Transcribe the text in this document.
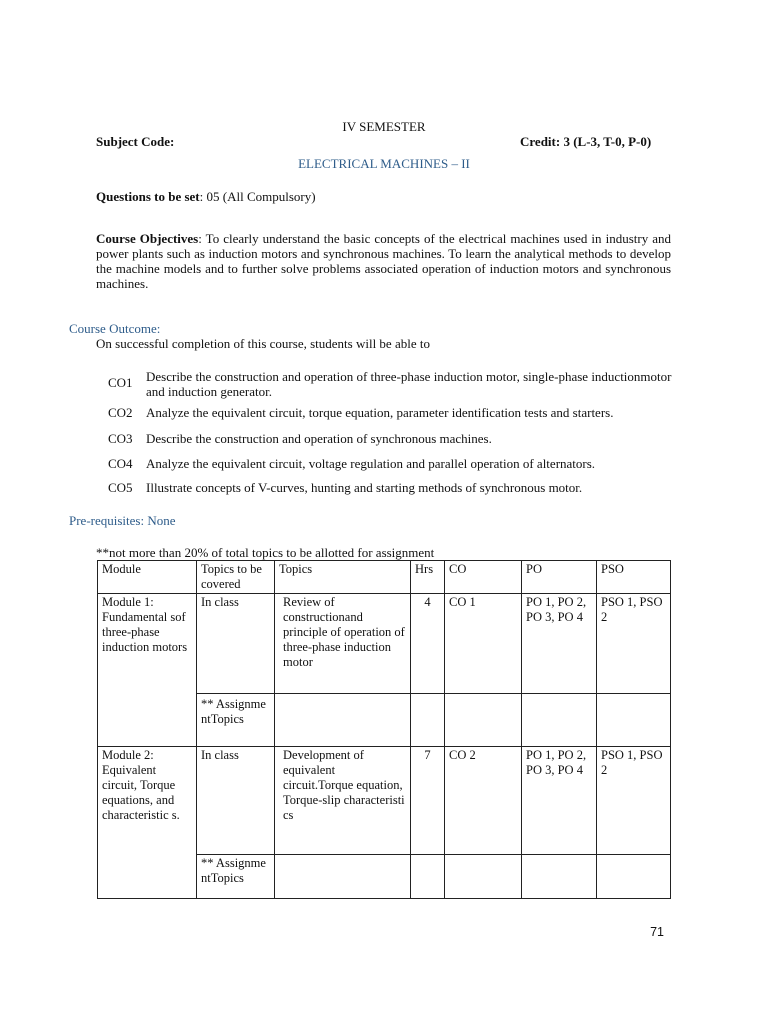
IV SEMESTER
Subject Code:	Credit: 3 (L-3, T-0, P-0)
ELECTRICAL MACHINES – II
Questions to be set: 05 (All Compulsory)
Course Objectives: To clearly understand the basic concepts of the electrical machines used in industry and power plants such as induction motors and synchronous machines. To learn the analytical methods to develop the machine models and to further solve problems associated operation of induction motors and synchronous machines.
Course Outcome:
On successful completion of this course, students will be able to
CO1	Describe the construction and operation of three-phase induction motor, single-phase inductionmotor and induction generator.
CO2	Analyze the equivalent circuit, torque equation, parameter identification tests and starters.
CO3	Describe the construction and operation of synchronous machines.
CO4	Analyze the equivalent circuit, voltage regulation and parallel operation of alternators.
CO5	Illustrate concepts of V-curves, hunting and starting methods of synchronous motor.
Pre-requisites: None
**not more than 20% of total topics to be allotted for assignment
Module	Topics to be covered	Topics	Hrs	CO	PO	PSO
Module 1: Fundamental sof three-phase induction motors	In class	Review of constructionand principle of operation of three-phase induction motor	4	CO 1	PO 1, PO 2, PO 3, PO 4	PSO 1, PSO 2
	** Assignme ntTopics					
Module 2: Equivalent circuit, Torque equations, and characteristic s.	In class	Development of equivalent circuit.Torque equation, Torque-slip characteristi cs	7	CO 2	PO 1, PO 2, PO 3, PO 4	PSO 1, PSO 2
	** Assignme ntTopics					
71
